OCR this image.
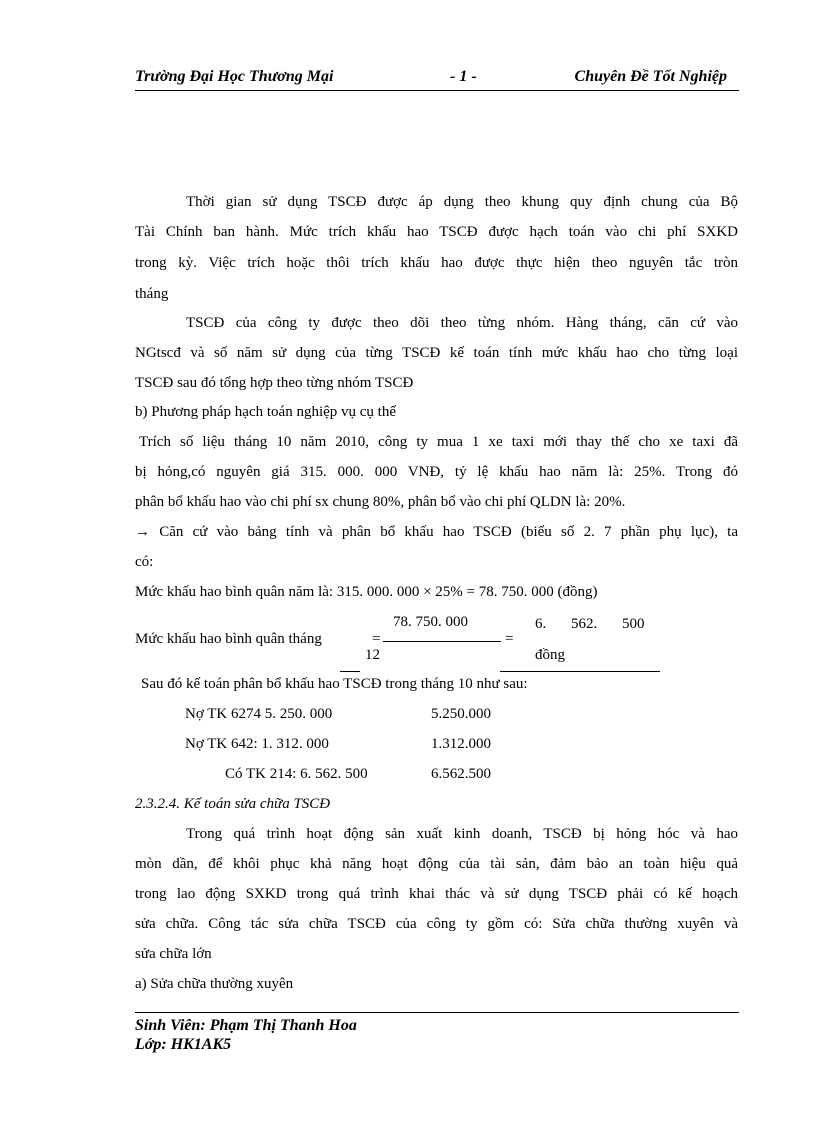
Trường Đại Học Thương Mại	- 1 -	Chuyên Đề Tốt Nghiệp
Thời gian sử dụng TSCĐ được áp dụng theo khung quy định chung của Bộ
Tài Chính ban hành. Mức trích khấu hao TSCĐ được hạch toán vào chi phí SXKD
trong kỳ. Việc trích hoặc thôi trích khấu hao được thực hiện theo nguyên tắc tròn
tháng
TSCĐ của công ty được theo dõi theo từng nhóm. Hàng tháng, căn cứ vào
NGtscđ và số năm sử dụng của từng TSCĐ kế toán tính mức khấu hao cho từng loại
TSCĐ sau đó tổng hợp theo từng nhóm TSCĐ
b) Phương pháp hạch toán nghiệp vụ cụ thể
Trích số liệu tháng 10 năm 2010, công ty mua 1 xe taxi mới thay thế cho xe taxi đã
bị hỏng,có nguyên giá 315. 000. 000 VNĐ, tỷ lệ khấu hao năm là: 25%. Trong đó
phân bổ khấu hao vào chi phí sx chung 80%, phân bổ vào chi phí QLDN là: 20%.
→ Căn cứ vào bảng tính và phân bổ khấu hao TSCĐ (biểu số 2. 7 phần phụ lục), ta
có:
Mức khấu hao bình quân năm là: 315. 000. 000 × 25% = 78. 750. 000 (đồng)
78. 750. 000	6. 562. 500
Mức khấu hao bình quân tháng	=	=
12	đồng
Sau đó kế toán phân bổ khấu hao TSCĐ trong tháng 10 như sau:
Nợ TK 6274 5. 250. 000	5.250.000
Nợ TK 642: 1. 312. 000	1.312.000
Có TK 214: 6. 562. 500	6.562.500
2.3.2.4. Kế toán sửa chữa TSCĐ
Trong quá trình hoạt động sản xuất kinh doanh, TSCĐ bị hỏng hóc và hao
mòn dần, để khôi phục khả năng hoạt động của tài sản, đảm bảo an toàn hiệu quả
trong lao động SXKD trong quá trình khai thác và sử dụng TSCĐ phải có kế hoạch
sửa chữa. Công tác sửa chữa TSCĐ của công ty gồm có: Sửa chữa thường xuyên và
sửa chữa lớn
a) Sửa chữa thường xuyên
Sinh Viên: Phạm Thị Thanh Hoa
Lớp: HK1AK5
